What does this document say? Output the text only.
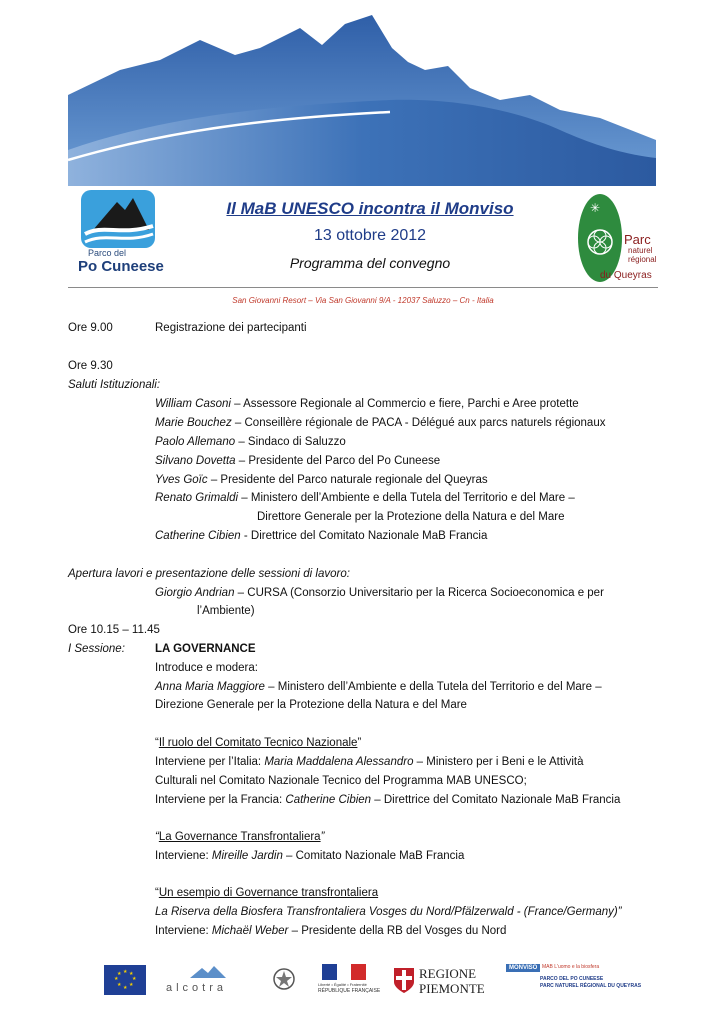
Parco del
Po Cuneese
✳
Parc
naturel
régional
du Queyras
Il MaB UNESCO incontra il Monviso
13 ottobre 2012
Programma del convegno
San Giovanni Resort – Via San Giovanni 9/A - 12037 Saluzzo – Cn - Italia
Ore 9.00	Registrazione dei partecipanti
Ore 9.30
Saluti Istituzionali:
William Casoni – Assessore Regionale al Commercio e fiere, Parchi e Aree protette
Marie Bouchez – Conseillère régionale de PACA - Délégué aux parcs naturels régionaux
Paolo Allemano – Sindaco di Saluzzo
Silvano Dovetta – Presidente del Parco del Po Cuneese
Yves Goïc – Presidente del Parco naturale regionale del Queyras
Renato Grimaldi – Ministero dell’Ambiente e della Tutela del Territorio e del Mare –
Direttore Generale per la Protezione della Natura e del Mare
Catherine Cibien - Direttrice del Comitato Nazionale MaB Francia
Apertura lavori e presentazione delle sessioni di lavoro:
Giorgio Andrian – CURSA (Consorzio Universitario per la Ricerca Socioeconomica e per
l’Ambiente)
Ore 10.15 – 11.45
I Sessione:	LA GOVERNANCE
Introduce e modera:
Anna Maria Maggiore – Ministero dell’Ambiente e della Tutela del Territorio e del Mare –
Direzione Generale per la Protezione della Natura e del Mare
“Il ruolo del Comitato Tecnico Nazionale”
Interviene per l’Italia: Maria Maddalena Alessandro – Ministero per i Beni e le Attività
Culturali nel Comitato Nazionale Tecnico del Programma MAB UNESCO;
Interviene per la Francia: Catherine Cibien – Direttrice del Comitato Nazionale MaB Francia
“La Governance Transfrontaliera”
Interviene: Mireille Jardin – Comitato Nazionale MaB Francia
“Un esempio di Governance transfrontaliera
La Riserva della Biosfera Transfrontaliera Vosges du Nord/Pfälzerwald - (France/Germany)”
Interviene: Michaël Weber – Presidente della RB del Vosges du Nord
★ ★
★
★
★
★
★
★
alcotra	Liberté • Égalité • Fraternité
RÉPUBLIQUE FRANÇAISE
REGIONE
PIEMONTE
MONVISO MAB L'uomo e la biosfera
PARCO DEL PO CUNEESE
PARC NATUREL RÉGIONAL DU QUEYRAS
